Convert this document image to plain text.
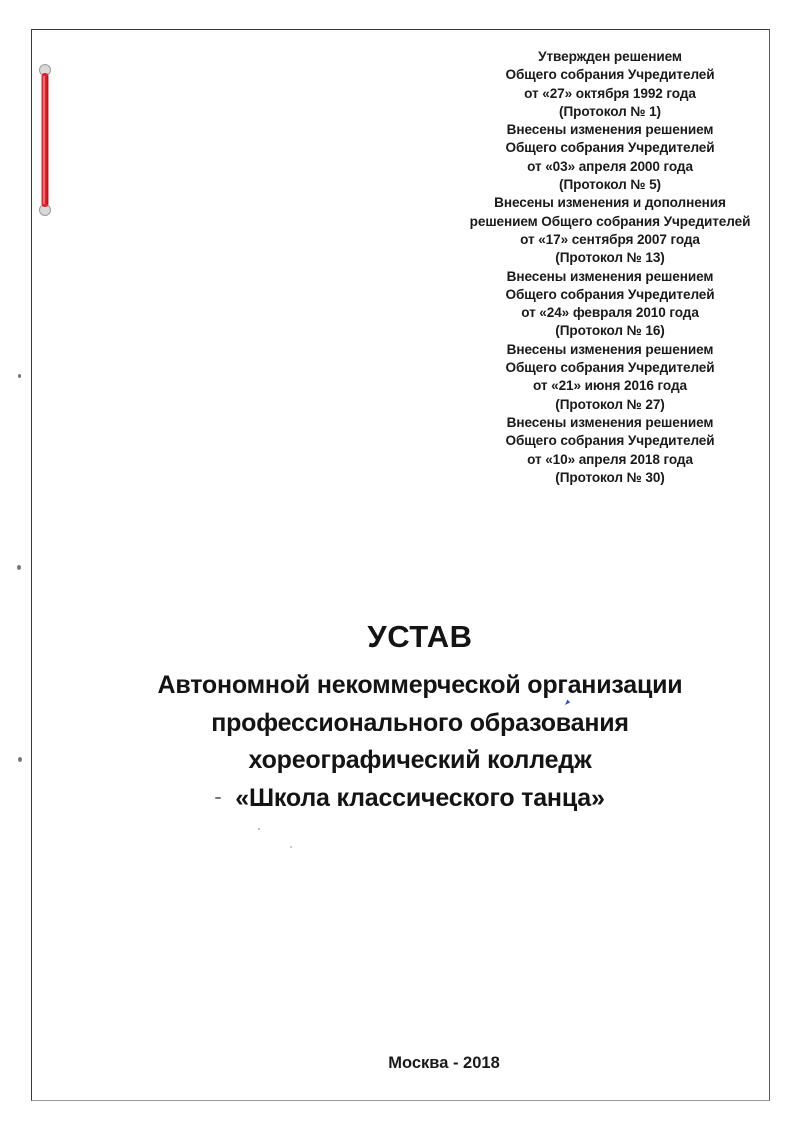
Утвержден решением
Общего собрания Учредителей
от «27» октября 1992 года
(Протокол № 1)
Внесены изменения решением
Общего собрания Учредителей
от «03» апреля 2000 года
(Протокол № 5)
Внесены изменения и дополнения
решением Общего собрания Учредителей
от «17» сентября 2007 года
(Протокол № 13)
Внесены изменения решением
Общего собрания Учредителей
от «24» февраля 2010 года
(Протокол № 16)
Внесены изменения решением
Общего собрания Учредителей
от «21» июня 2016 года
(Протокол № 27)
Внесены изменения решением
Общего собрания Учредителей
от «10» апреля 2018 года
(Протокол № 30)
УСТАВ
Автономной некоммерческой организации
профессионального образования
хореографический колледж
«Школа классического танца»
Москва - 2018
